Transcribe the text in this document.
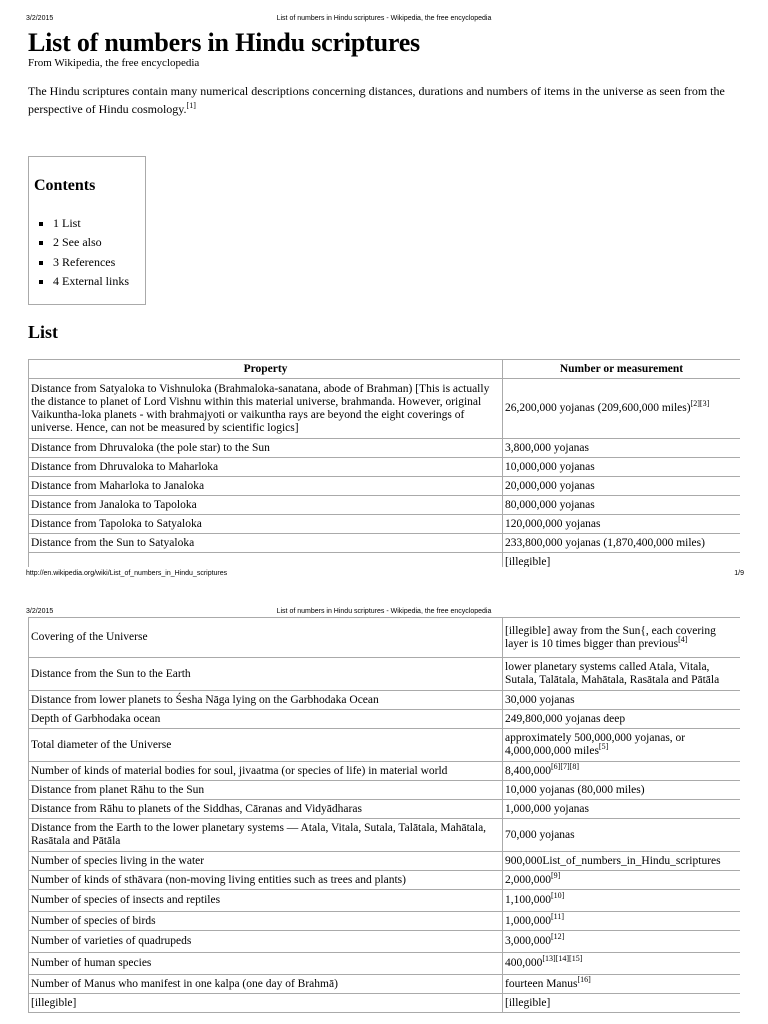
3/2/2015	List of numbers in Hindu scriptures - Wikipedia, the free encyclopedia
List of numbers in Hindu scriptures
From Wikipedia, the free encyclopedia

The Hindu scriptures contain many numerical descriptions concerning distances, durations and numbers of items in the universe as seen from the perspective of Hindu cosmology.[1]

Contents
▪ 1 List
▪ 2 See also
▪ 3 References
▪ 4 External links
List
Property	Number or measurement
Distance from Satyaloka to Vishnuloka (Brahmaloka-sanatana, abode of Brahman) [This is actually the distance to planet of Lord Vishnu within this material universe, brahmanda. However, original Vaikuntha-loka planets - with brahmajyoti or vaikuntha rays are beyond the eight coverings of universe. Hence, can not be measured by scientific logics]	26,200,000 yojanas (209,600,000 miles)[2][3]
Distance from Dhruvaloka (the pole star) to the Sun	3,800,000 yojanas
Distance from Dhruvaloka to Maharloka	10,000,000 yojanas
Distance from Maharloka to Janaloka	20,000,000 yojanas
Distance from Janaloka to Tapoloka	80,000,000 yojanas
Distance from Tapoloka to Satyaloka	120,000,000 yojanas
Distance from the Sun to Satyaloka	233,800,000 yojanas (1,870,400,000 miles)
	[illegible]
http://en.wikipedia.org/wiki/List_of_numbers_in_Hindu_scriptures	1/9
3/2/2015	List of numbers in Hindu scriptures - Wikipedia, the free encyclopedia
Covering of the Universe	[illegible] away from the Sun{, each covering layer is 10 times bigger than previous[4]
Distance from the Sun to the Earth	lower planetary systems called Atala, Vitala, Sutala, Talātala, Mahātala, Rasātala and Pātāla
Distance from lower planets to Śesha Nāga lying on the Garbhodaka Ocean	30,000 yojanas
Depth of Garbhodaka ocean	249,800,000 yojanas deep
Total diameter of the Universe	approximately 500,000,000 yojanas, or 4,000,000,000 miles[5]
Number of kinds of material bodies for soul, jivaatma (or species of life) in material world	8,400,000[6][7][8]
Distance from planet Rāhu to the Sun	10,000 yojanas (80,000 miles)
Distance from Rāhu to planets of the Siddhas, Cāranas and Vidyādharas	1,000,000 yojanas
Distance from the Earth to the lower planetary systems — Atala, Vitala, Sutala, Talātala, Mahātala, Rasātala and Pātāla	70,000 yojanas
Number of species living in the water	900,000List_of_numbers_in_Hindu_scriptures
Number of kinds of sthāvara (non-moving living entities such as trees and plants)	2,000,000[9]
Number of species of insects and reptiles	1,100,000[10]
Number of species of birds	1,000,000[11]
Number of varieties of quadrupeds	3,000,000[12]
Number of human species	400,000[13][14][15]
Number of Manus who manifest in one kalpa (one day of Brahmā)	fourteen Manus[16]
[illegible]	[illegible]
